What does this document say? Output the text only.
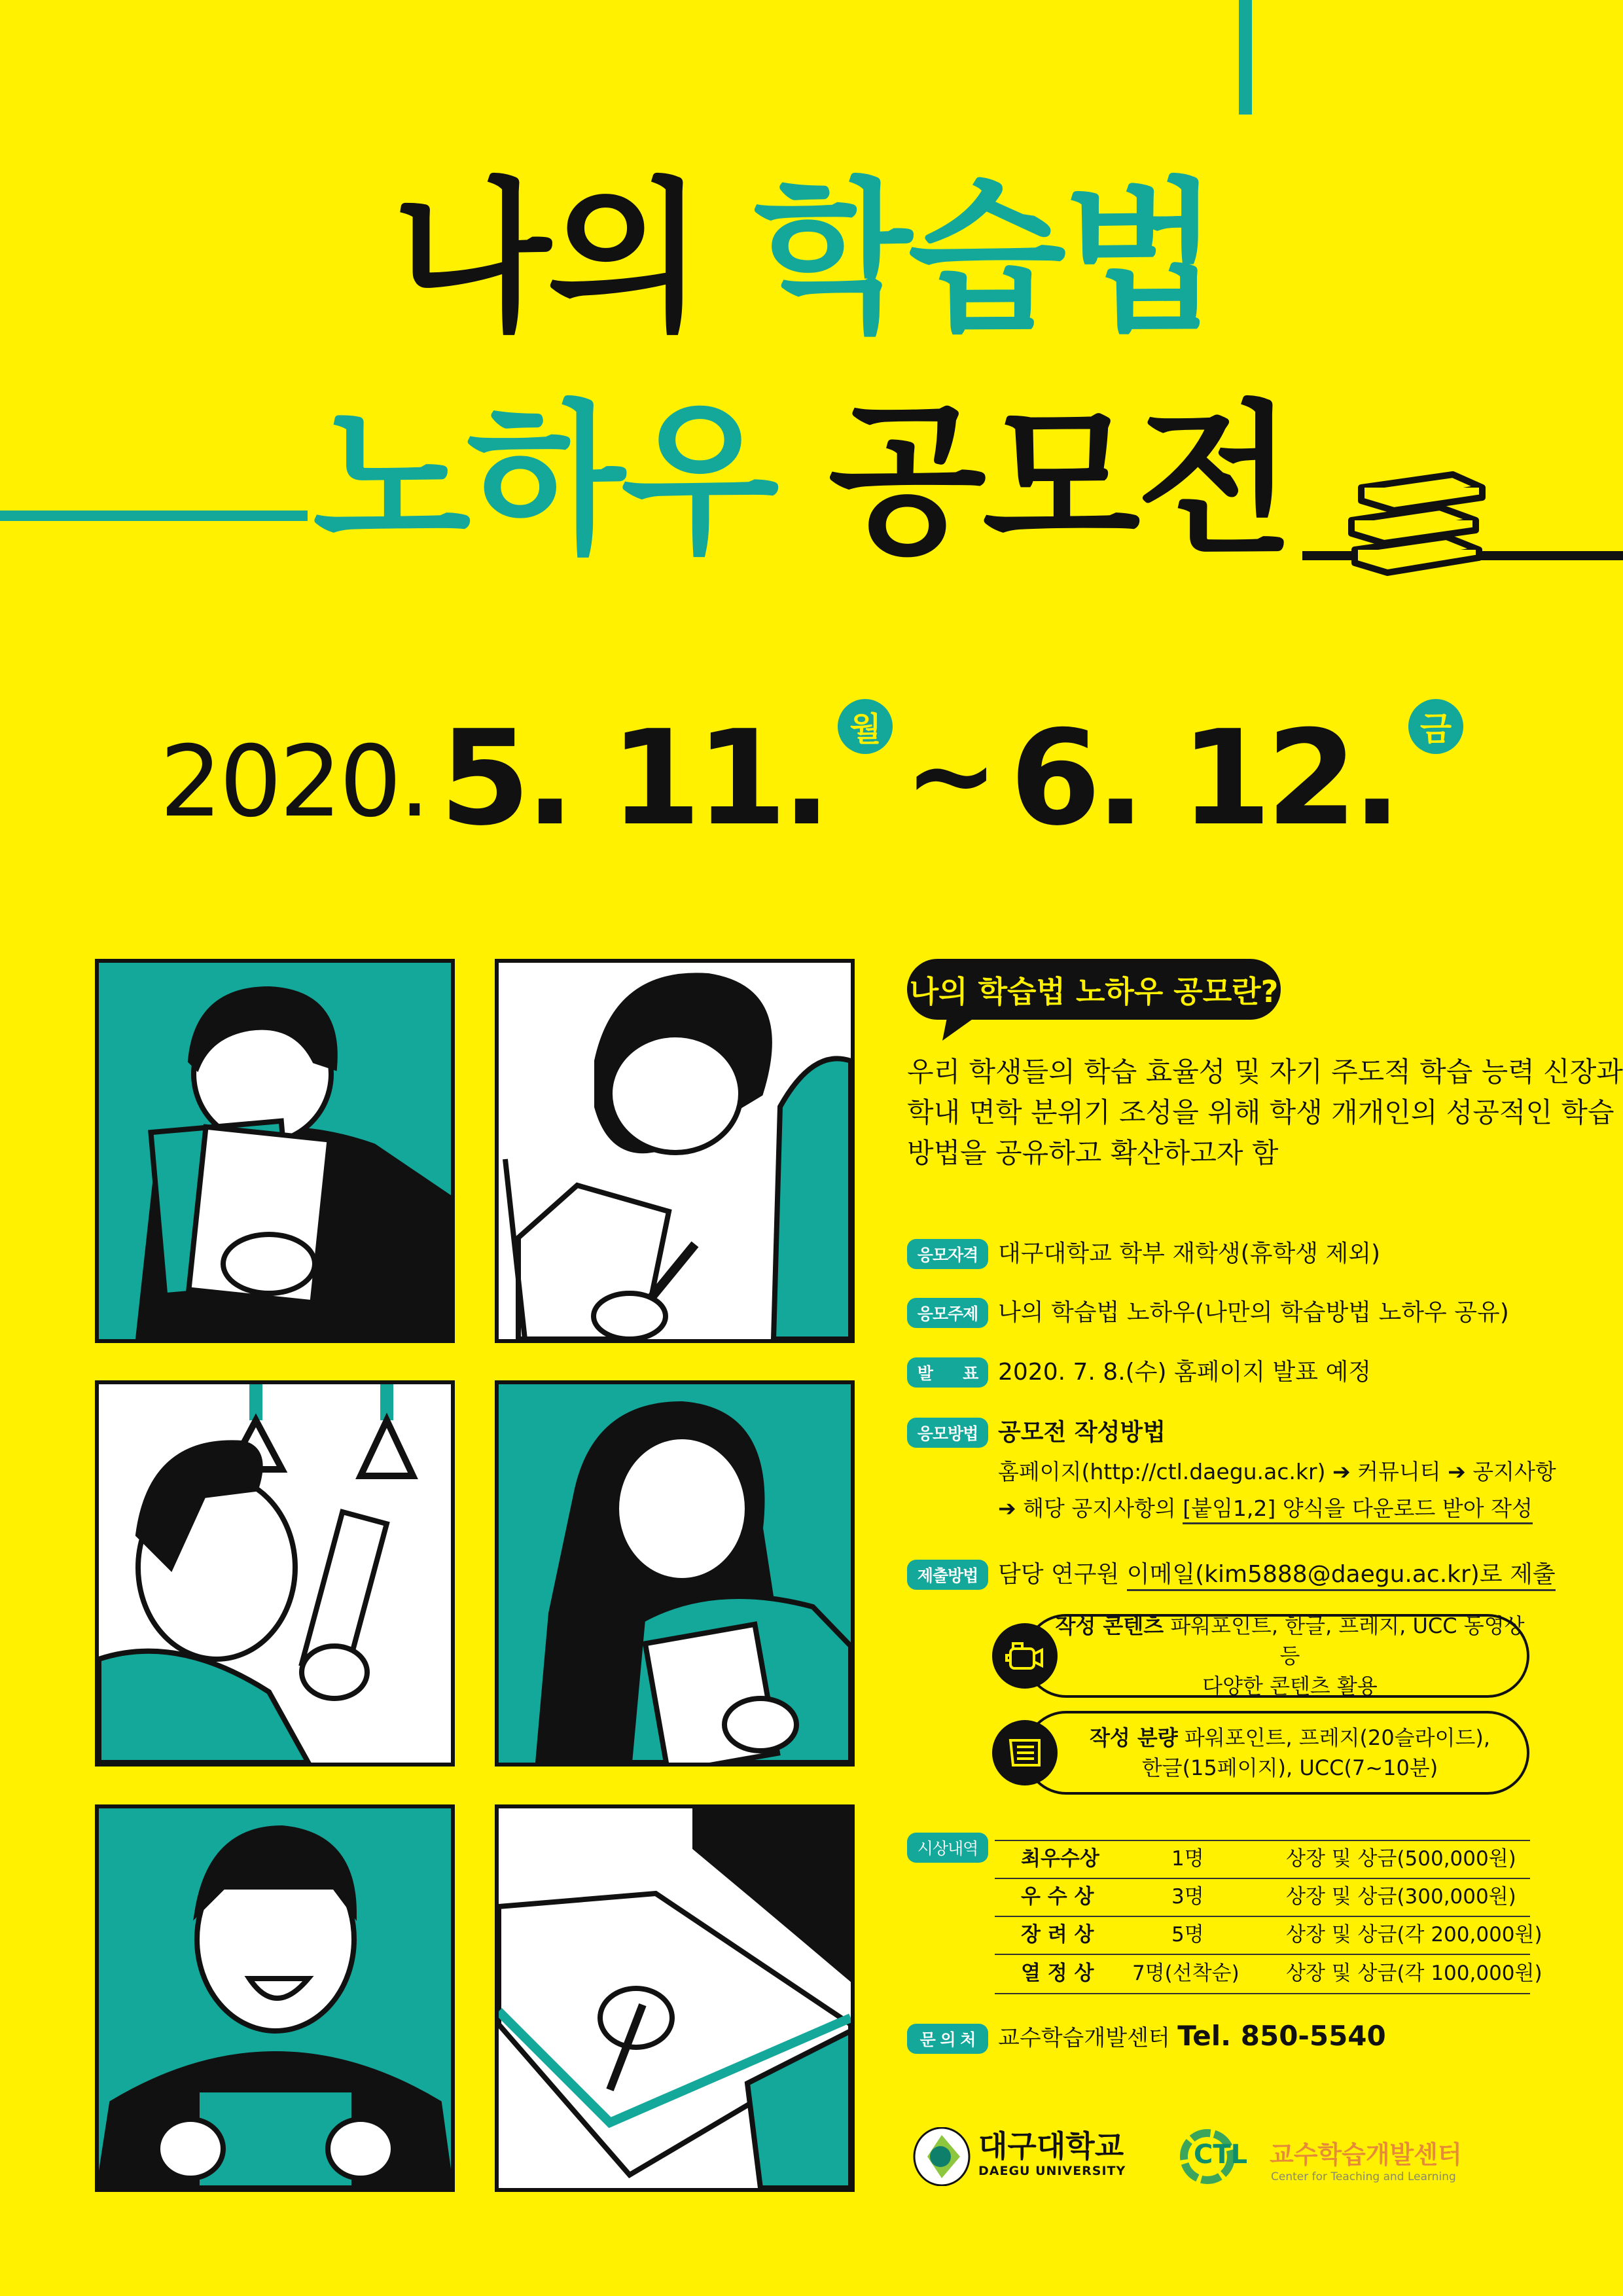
나의 학습법
노하우 공모전
2020. 5. 11. 월 ~ 6. 12. 금
나의 학습법 노하우 공모란?
우리 학생들의 학습 효율성 및 자기 주도적 학습 능력 신장과
학내 면학 분위기 조성을 위해 학생 개개인의 성공적인 학습
방법을 공유하고 확산하고자 함
응모자격 대구대학교 학부 재학생(휴학생 제외)
응모주제 나의 학습법 노하우(나만의 학습방법 노하우 공유)
발      표 2020. 7. 8.(수) 홈페이지 발표 예정
응모방법 공모전 작성방법
홈페이지(http://ctl.daegu.ac.kr) ➔ 커뮤니티 ➔ 공지사항
➔ 해당 공지사항의 [붙임1,2] 양식을 다운로드 받아 작성
제출방법 담당 연구원 이메일(kim5888@daegu.ac.kr)로 제출
작성 콘텐츠 파워포인트, 한글, 프레지, UCC 동영상 등
다양한 콘텐츠 활용
작성 분량 파워포인트, 프레지(20슬라이드),
한글(15페이지), UCC(7~10분)
시상내역	최우수상	1명	상장 및 상금(500,000원)
우 수 상	3명	상장 및 상금(300,000원)
장 려 상	5명	상장 및 상금(각 200,000원)
열 정 상 7명(선착순) 상장 및 상금(각 100,000원)
문 의 처	교수학습개발센터 Tel. 850-5540
대구대학교
DAEGU UNIVERSITY
CTL 교수학습개발센터
Center for Teaching and Learning
